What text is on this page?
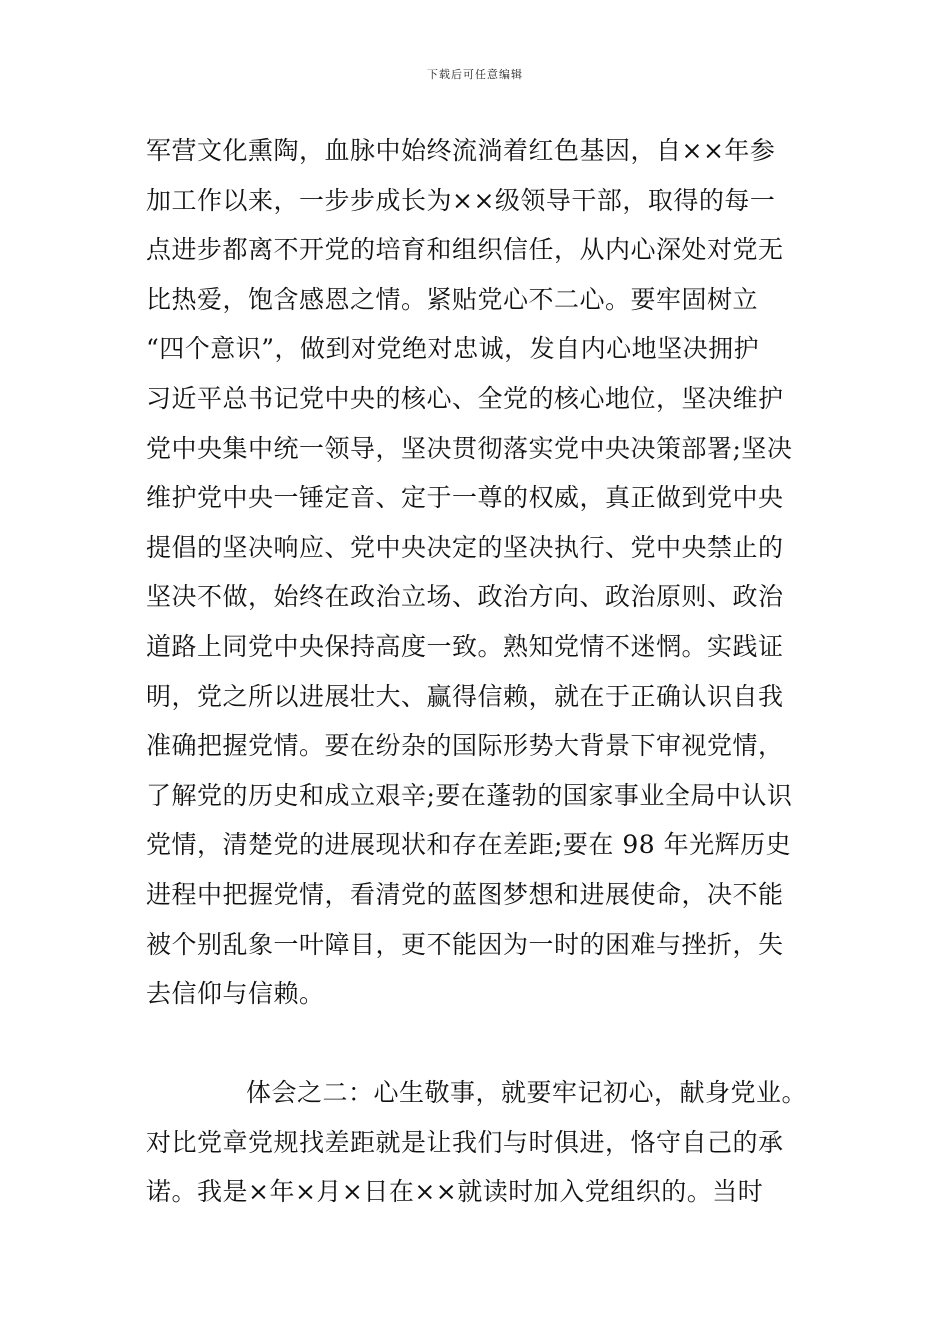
下载后可任意编辑
军营文化熏陶，血脉中始终流淌着红色基因，自××年参
加工作以来，一步步成长为××级领导干部，取得的每一
点进步都离不开党的培育和组织信任，从内心深处对党无
比热爱，饱含感恩之情。紧贴党心不二心。要牢固树立
“四个意识”，做到对党绝对忠诚，发自内心地坚决拥护
习近平总书记党中央的核心、全党的核心地位，坚决维护
党中央集中统一领导，坚决贯彻落实党中央决策部署;坚决
维护党中央一锤定音、定于一尊的权威，真正做到党中央
提倡的坚决响应、党中央决定的坚决执行、党中央禁止的
坚决不做，始终在政治立场、政治方向、政治原则、政治
道路上同党中央保持高度一致。熟知党情不迷惘。实践证
明，党之所以进展壮大、赢得信赖，就在于正确认识自我
准确把握党情。要在纷杂的国际形势大背景下审视党情，
了解党的历史和成立艰辛;要在蓬勃的国家事业全局中认识
党情，清楚党的进展现状和存在差距;要在 98 年光辉历史
进程中把握党情，看清党的蓝图梦想和进展使命，决不能
被个别乱象一叶障目，更不能因为一时的困难与挫折，失
去信仰与信赖。
体会之二：心生敬事，就要牢记初心，献身党业。
对比党章党规找差距就是让我们与时俱进，恪守自己的承
诺。我是×年×月×日在××就读时加入党组织的。当时
